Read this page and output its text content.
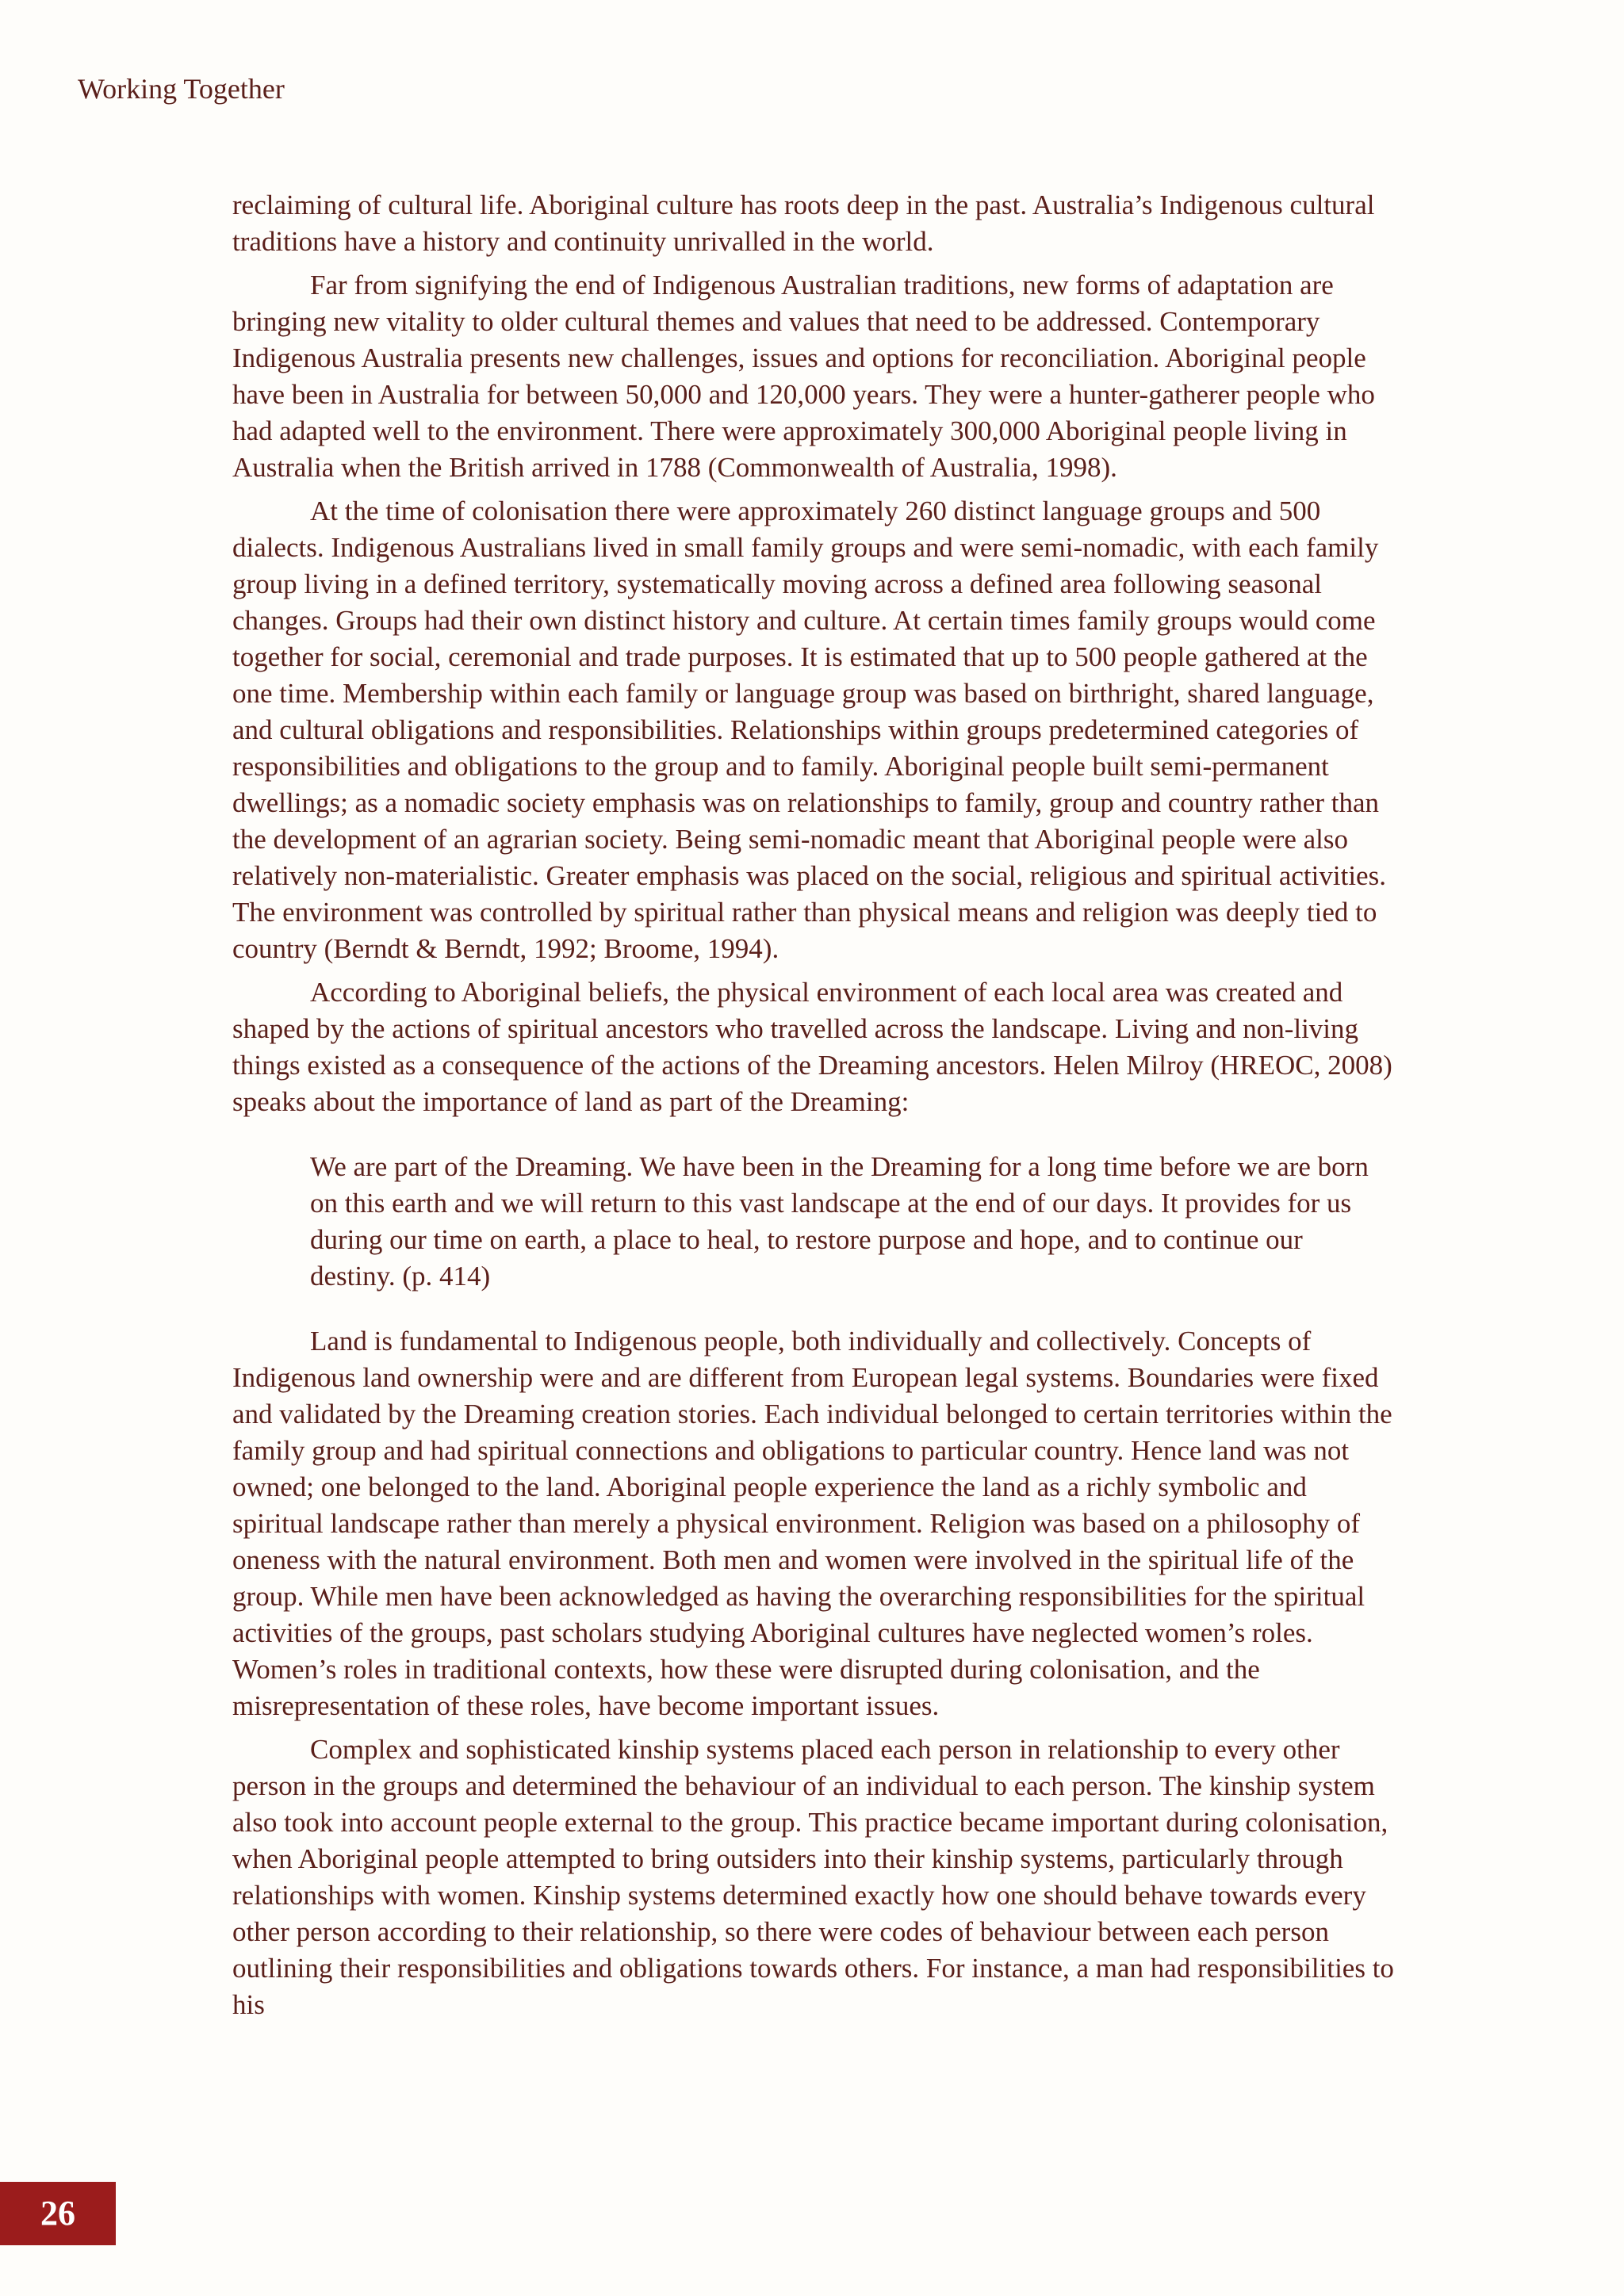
Working Together

reclaiming of cultural life. Aboriginal culture has roots deep in the past. Australia’s Indigenous cultural traditions have a history and continuity unrivalled in the world.

Far from signifying the end of Indigenous Australian traditions, new forms of adaptation are bringing new vitality to older cultural themes and values that need to be addressed. Contemporary Indigenous Australia presents new challenges, issues and options for reconciliation. Aboriginal people have been in Australia for between 50,000 and 120,000 years. They were a hunter-gatherer people who had adapted well to the environment. There were approximately 300,000 Aboriginal people living in Australia when the British arrived in 1788 (Commonwealth of Australia, 1998).

At the time of colonisation there were approximately 260 distinct language groups and 500 dialects. Indigenous Australians lived in small family groups and were semi-nomadic, with each family group living in a defined territory, systematically moving across a defined area following seasonal changes. Groups had their own distinct history and culture. At certain times family groups would come together for social, ceremonial and trade purposes. It is estimated that up to 500 people gathered at the one time. Membership within each family or language group was based on birthright, shared language, and cultural obligations and responsibilities. Relationships within groups predetermined categories of responsibilities and obligations to the group and to family. Aboriginal people built semi-permanent dwellings; as a nomadic society emphasis was on relationships to family, group and country rather than the development of an agrarian society. Being semi-nomadic meant that Aboriginal people were also relatively non-materialistic. Greater emphasis was placed on the social, religious and spiritual activities. The environment was controlled by spiritual rather than physical means and religion was deeply tied to country (Berndt & Berndt, 1992; Broome, 1994).

According to Aboriginal beliefs, the physical environment of each local area was created and shaped by the actions of spiritual ancestors who travelled across the landscape. Living and non-living things existed as a consequence of the actions of the Dreaming ancestors. Helen Milroy (HREOC, 2008) speaks about the importance of land as part of the Dreaming:

We are part of the Dreaming. We have been in the Dreaming for a long time before we are born on this earth and we will return to this vast landscape at the end of our days. It provides for us during our time on earth, a place to heal, to restore purpose and hope, and to continue our destiny. (p. 414)

Land is fundamental to Indigenous people, both individually and collectively. Concepts of Indigenous land ownership were and are different from European legal systems. Boundaries were fixed and validated by the Dreaming creation stories. Each individual belonged to certain territories within the family group and had spiritual connections and obligations to particular country. Hence land was not owned; one belonged to the land. Aboriginal people experience the land as a richly symbolic and spiritual landscape rather than merely a physical environment. Religion was based on a philosophy of oneness with the natural environment. Both men and women were involved in the spiritual life of the group. While men have been acknowledged as having the overarching responsibilities for the spiritual activities of the groups, past scholars studying Aboriginal cultures have neglected women’s roles. Women’s roles in traditional contexts, how these were disrupted during colonisation, and the misrepresentation of these roles, have become important issues.

Complex and sophisticated kinship systems placed each person in relationship to every other person in the groups and determined the behaviour of an individual to each person. The kinship system also took into account people external to the group. This practice became important during colonisation, when Aboriginal people attempted to bring outsiders into their kinship systems, particularly through relationships with women. Kinship systems determined exactly how one should behave towards every other person according to their relationship, so there were codes of behaviour between each person outlining their responsibilities and obligations towards others. For instance, a man had responsibilities to his

26
